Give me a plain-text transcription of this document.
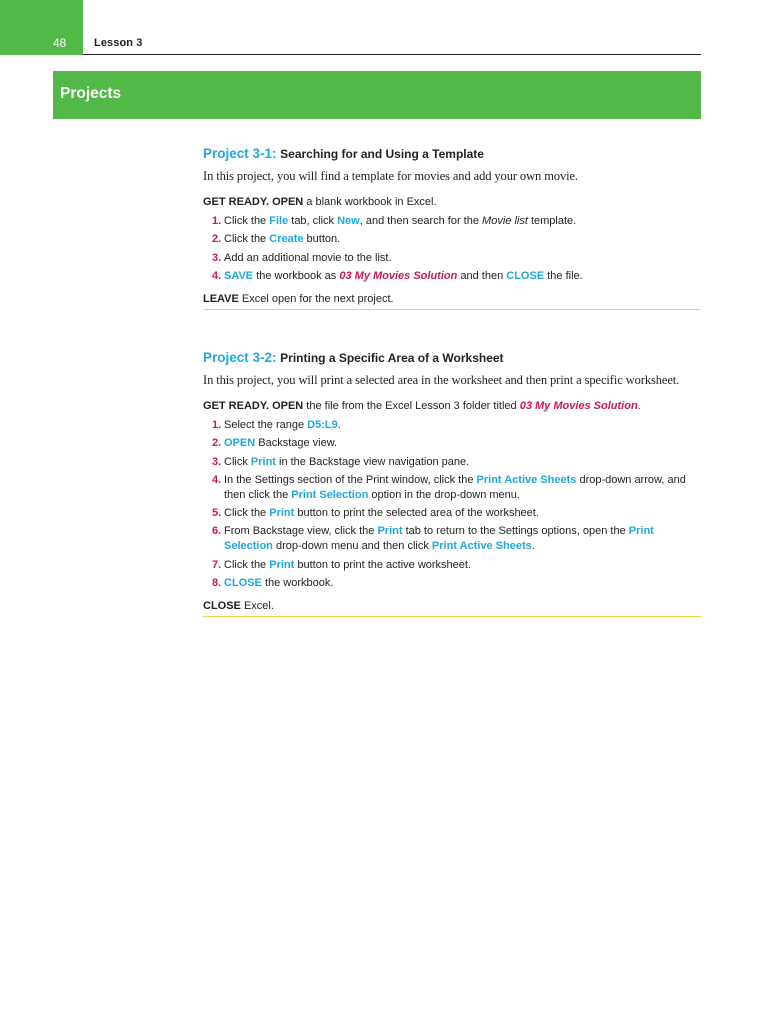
48	Lesson 3
Projects
Project 3-1: Searching for and Using a Template
In this project, you will find a template for movies and add your own movie.
GET READY. OPEN a blank workbook in Excel.
1. Click the File tab, click New, and then search for the Movie list template.
2. Click the Create button.
3. Add an additional movie to the list.
4. SAVE the workbook as 03 My Movies Solution and then CLOSE the file.
LEAVE Excel open for the next project.
Project 3-2: Printing a Specific Area of a Worksheet
In this project, you will print a selected area in the worksheet and then print a specific worksheet.
GET READY. OPEN the file from the Excel Lesson 3 folder titled 03 My Movies Solution.
1. Select the range D5:L9.
2. OPEN Backstage view.
3. Click Print in the Backstage view navigation pane.
4. In the Settings section of the Print window, click the Print Active Sheets drop-down arrow, and then click the Print Selection option in the drop-down menu.
5. Click the Print button to print the selected area of the worksheet.
6. From Backstage view, click the Print tab to return to the Settings options, open the Print Selection drop-down menu and then click Print Active Sheets.
7. Click the Print button to print the active worksheet.
8. CLOSE the workbook.
CLOSE Excel.
